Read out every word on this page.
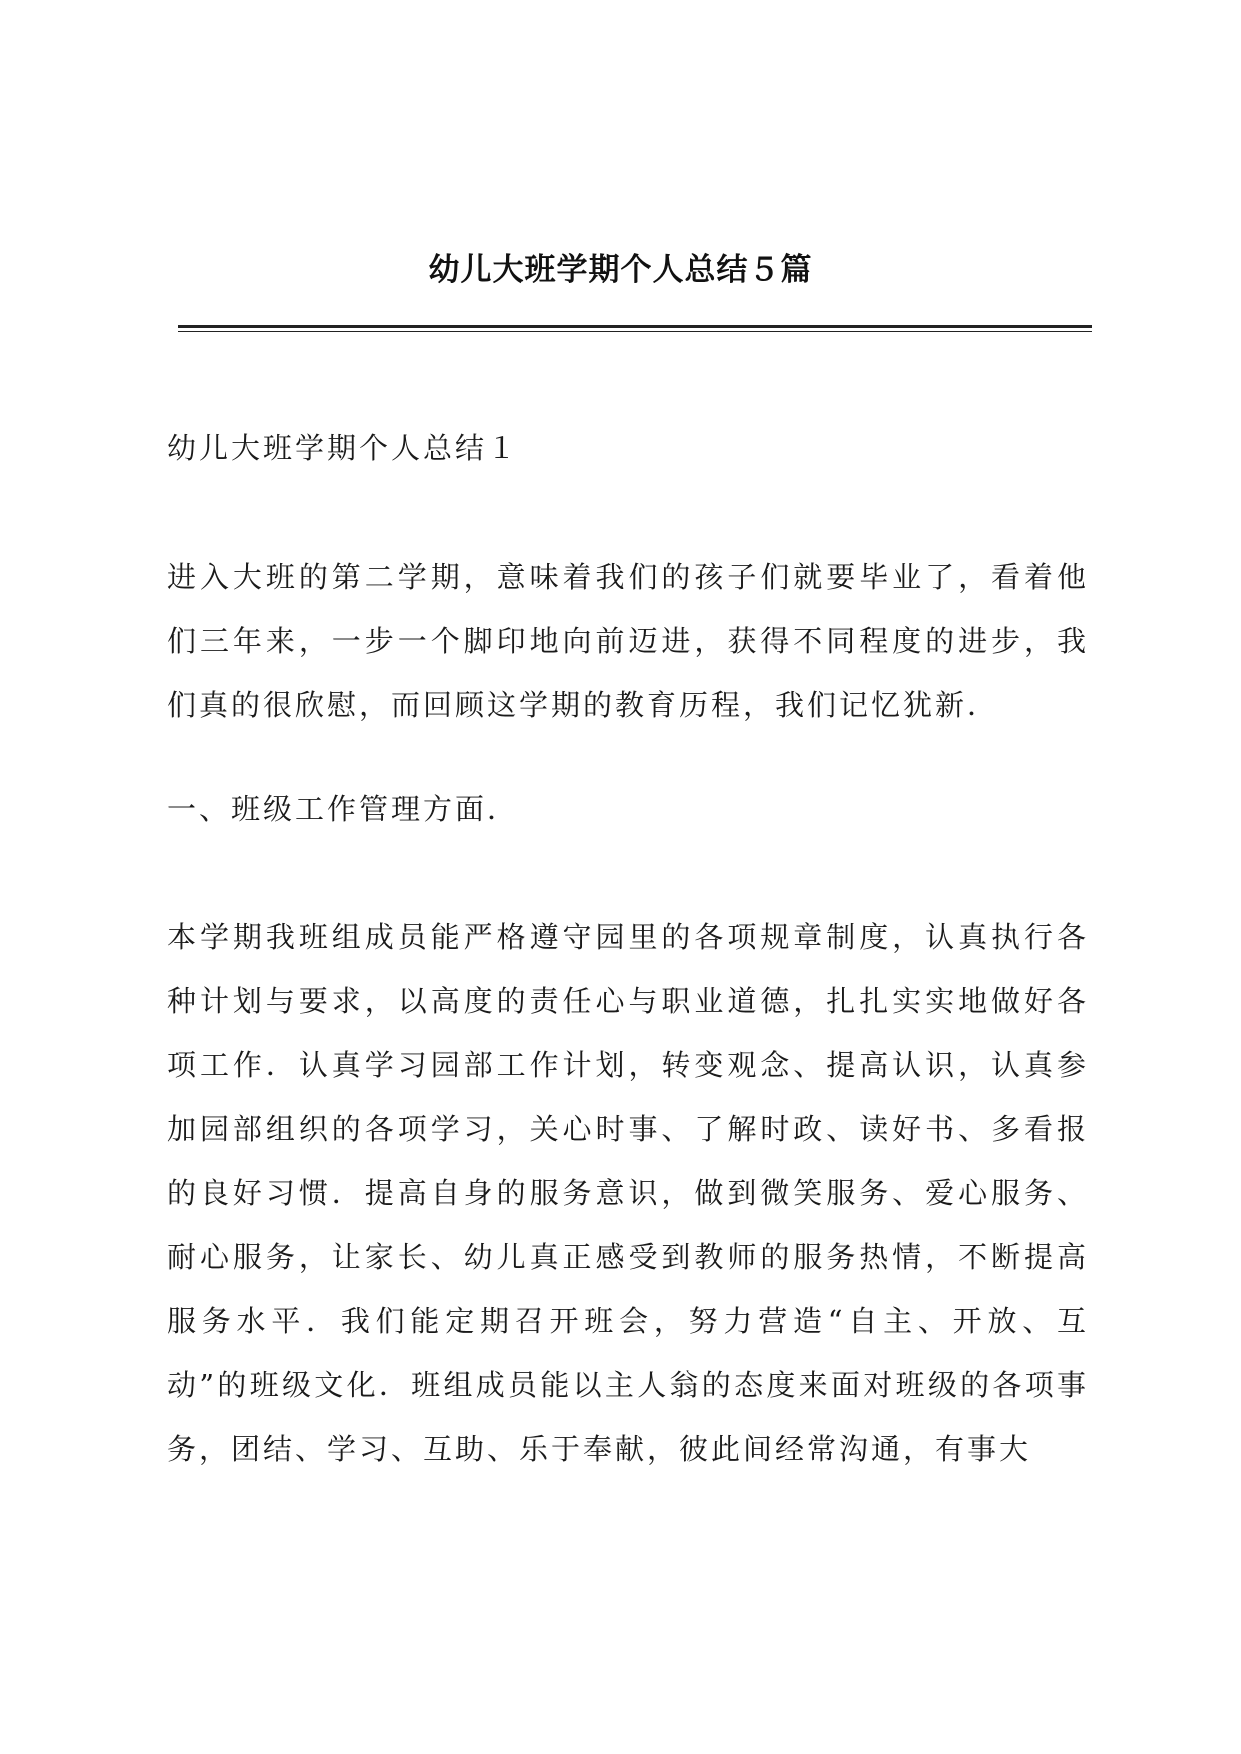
幼儿大班学期个人总结５篇

幼儿大班学期个人总结１

进入大班的第二学期，意味着我们的孩子们就要毕业了，看着他们三年来，一步一个脚印地向前迈进，获得不同程度的进步，我们真的很欣慰，而回顾这学期的教育历程，我们记忆犹新．

一、班级工作管理方面．

本学期我班组成员能严格遵守园里的各项规章制度，认真执行各种计划与要求，以高度的责任心与职业道德，扎扎实实地做好各项工作．认真学习园部工作计划，转变观念、提高认识，认真参加园部组织的各项学习，关心时事、了解时政、读好书、多看报的良好习惯．提高自身的服务意识，做到微笑服务、爱心服务、耐心服务，让家长、幼儿真正感受到教师的服务热情，不断提高服务水平．我们能定期召开班会，努力营造“自主、开放、互动”的班级文化．班组成员能以主人翁的态度来面对班级的各项事务，团结、学习、互助、乐于奉献，彼此间经常沟通，有事大
